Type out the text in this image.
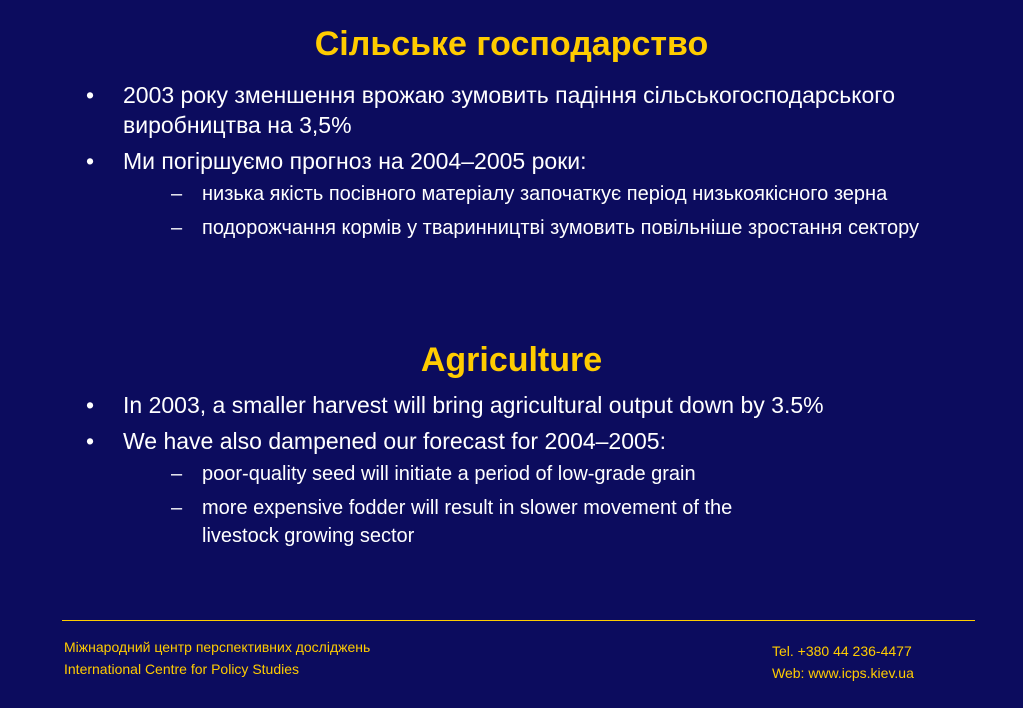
Сільське господарство
• 2003 року зменшення врожаю зумовить падіння сільськогосподарського виробництва на 3,5%
• Ми погіршуємо прогноз на 2004–2005 роки:
– низька якість посівного матеріалу започаткує період низькоякісного зерна
– подорожчання кормів у тваринництві зумовить повільніше зростання сектору
Agriculture
• In 2003, a smaller harvest will bring agricultural output down by 3.5%
• We have also dampened our forecast for 2004–2005:
– poor-quality seed will initiate a period of low-grade grain
– more expensive fodder will result in slower movement of the livestock growing sector
Міжнародний центр перспективних досліджень
International Centre for Policy Studies
Tel. +380 44 236-4477
Web: www.icps.kiev.ua
